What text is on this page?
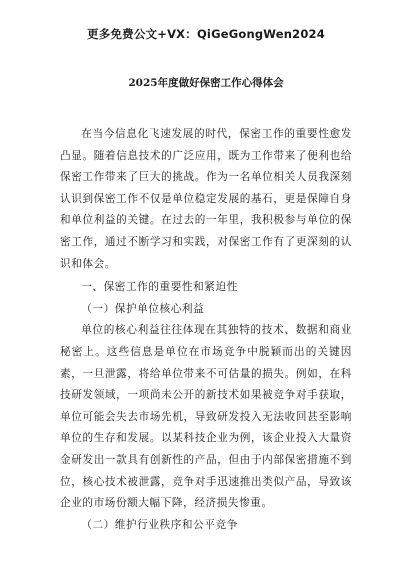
更多免费公文+VX：QiGeGongWen2024
2025年度做好保密工作心得体会

在当今信息化飞速发展的时代，保密工作的重要性愈发凸显。随着信息技术的广泛应用，既为工作带来了便利也给保密工作带来了巨大的挑战。作为一名单位相关人员我深刻认识到保密工作不仅是单位稳定发展的基石，更是保障自身和单位利益的关键。在过去的一年里，我积极参与单位的保密工作，通过不断学习和实践，对保密工作有了更深刻的认识和体会。

一、保密工作的重要性和紧迫性

（一）保护单位核心利益

单位的核心利益往往体现在其独特的技术、数据和商业秘密上。这些信息是单位在市场竞争中脱颖而出的关键因素，一旦泄露，将给单位带来不可估量的损失。例如，在科技研发领域，一项尚未公开的新技术如果被竞争对手获取，单位可能会失去市场先机，导致研发投入无法收回甚至影响单位的生存和发展。以某科技企业为例，该企业投入大量资金研发出一款具有创新性的产品，但由于内部保密措施不到位，核心技术被泄露，竞争对手迅速推出类似产品，导致该企业的市场份额大幅下降，经济损失惨重。

（二）维护行业秩序和公平竞争
